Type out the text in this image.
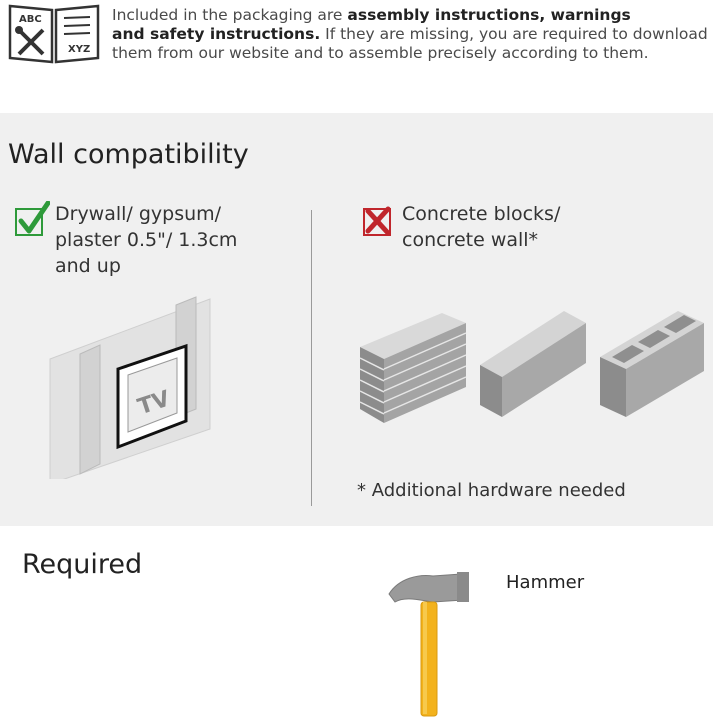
ABC
XYZ
Included in the packaging are assembly instructions, warnings
and safety instructions. If they are missing, you are required to download
them from our website and to assemble precisely according to them.
Wall compatibility
Drywall/ gypsum/
plaster 0.5"/ 1.3cm
and up
Concrete blocks/
concrete wall*
TV
* Additional hardware needed
Required
Hammer
